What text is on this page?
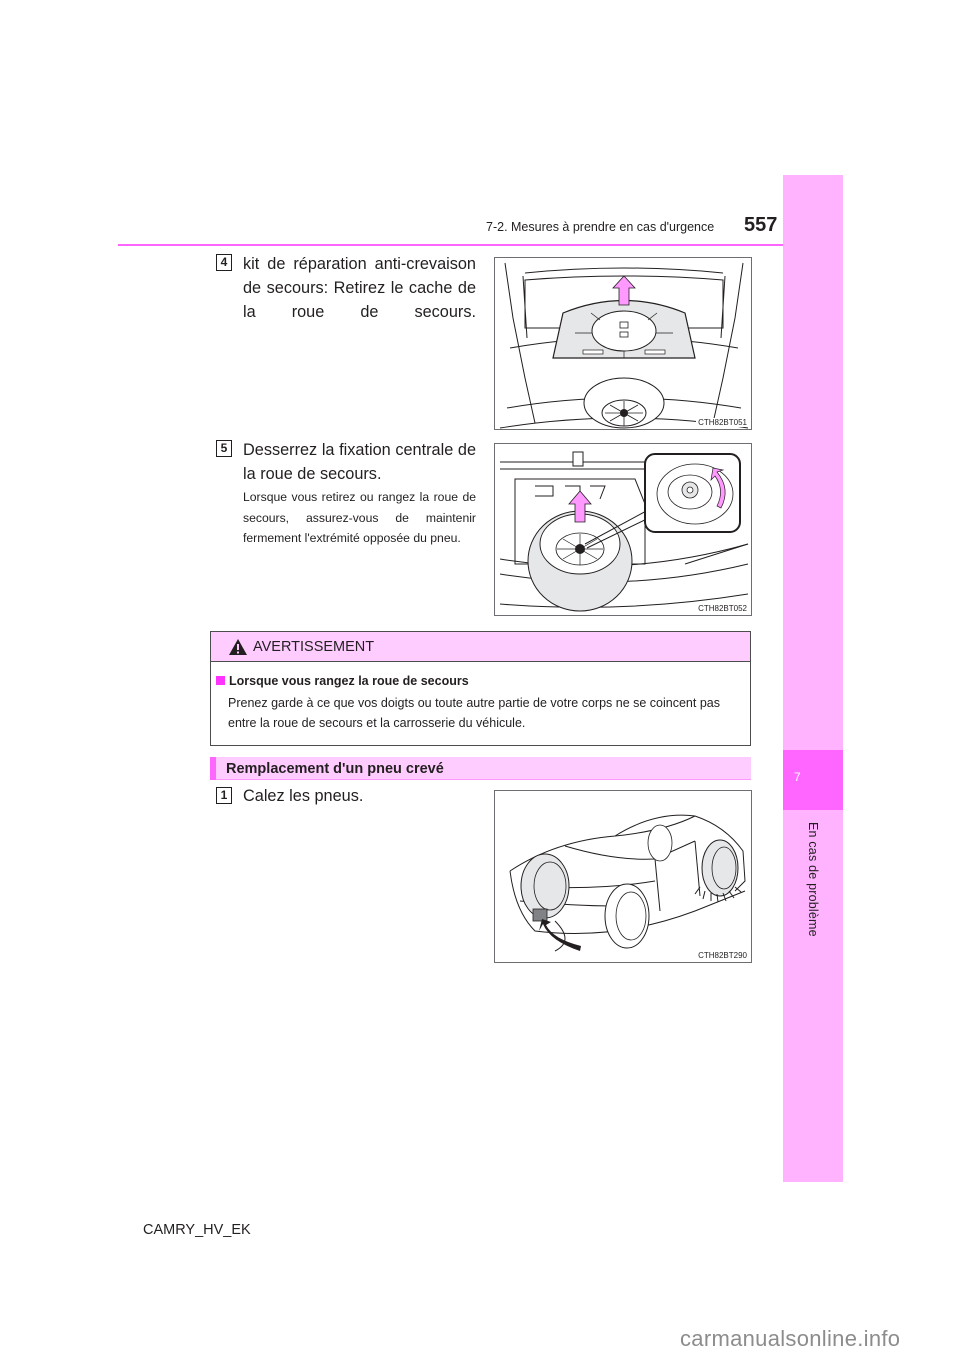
7-2. Mesures à prendre en cas d'urgence 557
7
En cas de problème
4 kit de réparation anti-crevaison de secours: Retirez le cache de la roue de secours.
CTH82BT051
5 Desserrez la fixation centrale de la roue de secours.
Lorsque vous retirez ou rangez la roue de secours, assurez-vous de maintenir fermement l'extrémité opposée du pneu.
CTH82BT052
AVERTISSEMENT
Lorsque vous rangez la roue de secours
Prenez garde à ce que vos doigts ou toute autre partie de votre corps ne se coincent pas entre la roue de secours et la carrosserie du véhicule.
Remplacement d'un pneu crevé
1 Calez les pneus.
CTH82BT290
CAMRY_HV_EK
carmanualsonline.info
